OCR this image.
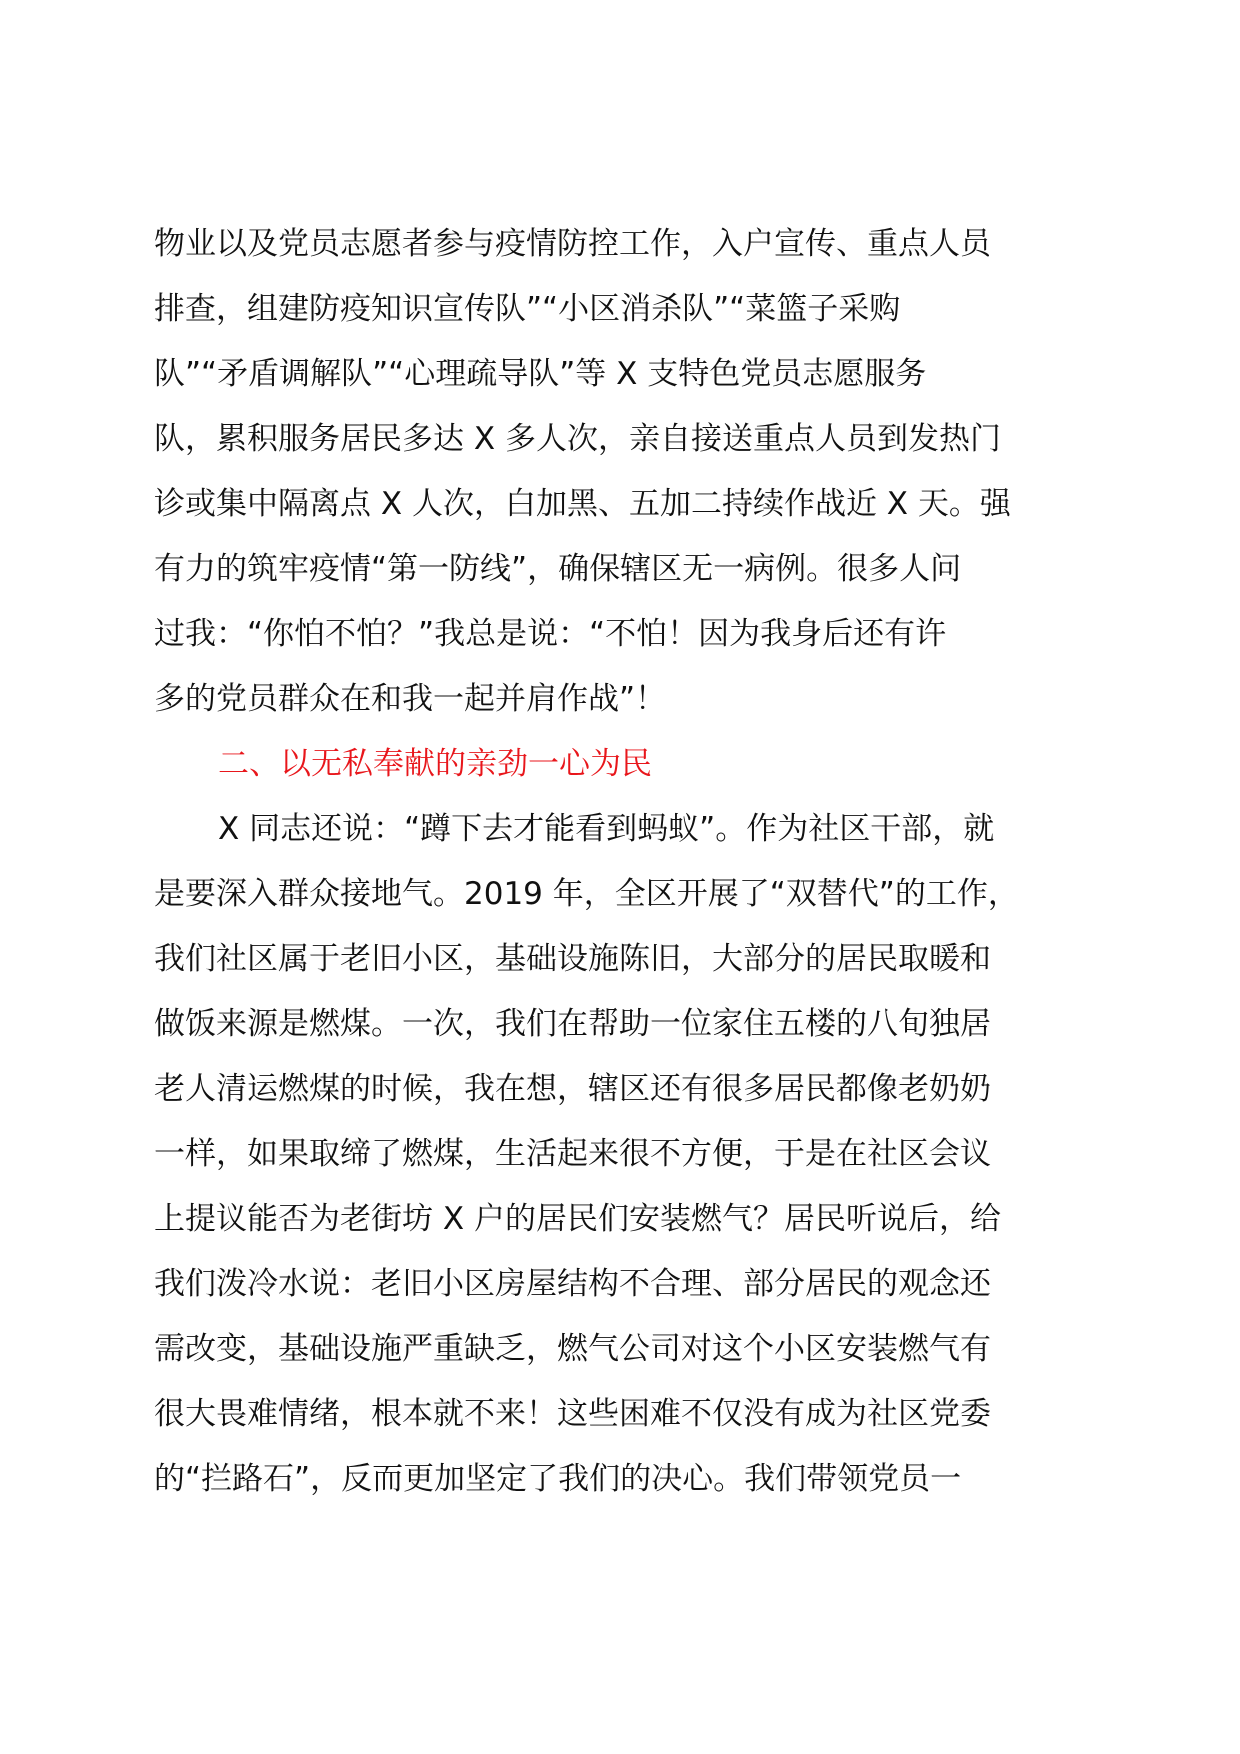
物业以及党员志愿者参与疫情防控工作，入户宣传、重点人员
排查，组建防疫知识宣传队”“小区消杀队”“菜篮子采购
队”“矛盾调解队”“心理疏导队”等 X 支特色党员志愿服务
队，累积服务居民多达 X 多人次，亲自接送重点人员到发热门
诊或集中隔离点 X 人次，白加黑、五加二持续作战近 X 天。强
有力的筑牢疫情“第一防线”，确保辖区无一病例。很多人问
过我：“你怕不怕？”我总是说：“不怕！因为我身后还有许
多的党员群众在和我一起并肩作战”！
二、以无私奉献的亲劲一心为民
X 同志还说：“蹲下去才能看到蚂蚁”。作为社区干部，就
是要深入群众接地气。2019 年，全区开展了“双替代”的工作，
我们社区属于老旧小区，基础设施陈旧，大部分的居民取暖和
做饭来源是燃煤。一次，我们在帮助一位家住五楼的八旬独居
老人清运燃煤的时候，我在想，辖区还有很多居民都像老奶奶
一样，如果取缔了燃煤，生活起来很不方便，于是在社区会议
上提议能否为老街坊 X 户的居民们安装燃气？居民听说后，给
我们泼冷水说：老旧小区房屋结构不合理、部分居民的观念还
需改变，基础设施严重缺乏，燃气公司对这个小区安装燃气有
很大畏难情绪，根本就不来！这些困难不仅没有成为社区党委
的“拦路石”，反而更加坚定了我们的决心。我们带领党员一
